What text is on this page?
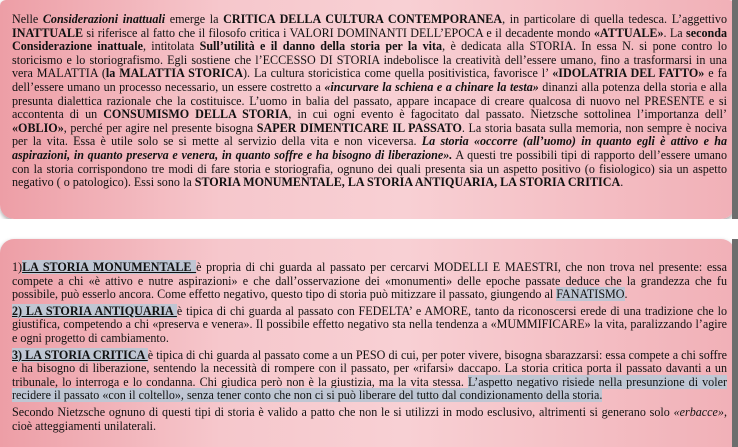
Nelle Considerazioni inattuali emerge la CRITICA DELLA CULTURA CONTEMPORANEA, in particolare di quella tedesca. L’aggettivo INATTUALE si riferisce al fatto che il filosofo critica i VALORI DOMINANTI DELL’EPOCA e il decadente mondo «ATTUALE». La seconda Considerazione inattuale, intitolata Sull’utilità e il danno della storia per la vita, è dedicata alla STORIA. In essa N. si pone contro lo storicismo e lo storiografismo. Egli sostiene che l’ECCESSO DI STORIA indebolisce la creatività dell’essere umano, fino a trasformarsi in una vera MALATTIA (la MALATTIA STORICA). La cultura storicistica come quella positivistica, favorisce l’ «IDOLATRIA DEL FATTO» e fa dell’essere umano un processo necessario, un essere costretto a «incurvare la schiena e a chinare la testa» dinanzi alla potenza della storia e alla presunta dialettica razionale che la costituisce. L’uomo in balia del passato, appare incapace di creare qualcosa di nuovo nel PRESENTE e si accontenta di un CONSUMISMO DELLA STORIA, in cui ogni evento è fagocitato dal passato. Nietzsche sottolinea l’importanza dell’ «OBLIO», perché per agire nel presente bisogna SAPER DIMENTICARE IL PASSATO. La storia basata sulla memoria, non sempre è nociva per la vita. Essa è utile solo se si mette al servizio della vita e non viceversa. La storia «occorre (all’uomo) in quanto egli è attivo e ha aspirazioni, in quanto preserva e venera, in quanto soffre e ha bisogno di liberazione». A questi tre possibili tipi di rapporto dell’essere umano con la storia corrispondono tre modi di fare storia e storiografia, ognuno dei quali presenta sia un aspetto positivo (o fisiologico) sia un aspetto negativo ( o patologico). Essi sono la STORIA MONUMENTALE, LA STORIA ANTIQUARIA, LA STORIA CRITICA.

1)LA STORIA MONUMENTALE è propria di chi guarda al passato per cercarvi MODELLI E MAESTRI, che non trova nel presente: essa compete a chi «è attivo e nutre aspirazioni» e che dall’osservazione dei «monumenti» delle epoche passate deduce che la grandezza che fu possibile, può esserlo ancora. Come effetto negativo, questo tipo di storia può mitizzare il passato, giungendo al FANATISMO.

2) LA STORIA ANTIQUARIA è tipica di chi guarda al passato con FEDELTA’ e AMORE, tanto da riconoscersi erede di una tradizione che lo giustifica, competendo a chi «preserva e venera». Il possibile effetto negativo sta nella tendenza a «MUMMIFICARE» la vita, paralizzando l’agire e ogni progetto di cambiamento.

3) LA STORIA CRITICA è tipica di chi guarda al passato come a un PESO di cui, per poter vivere, bisogna sbarazzarsi: essa compete a chi soffre e ha bisogno di liberazione, sentendo la necessità di rompere con il passato, per «rifarsi» daccapo. La storia critica porta il passato davanti a un tribunale, lo interroga e lo condanna. Chi giudica però non è la giustizia, ma la vita stessa. L’aspetto negativo risiede nella presunzione di voler recidere il passato «con il coltello», senza tener conto che non ci si può liberare del tutto dal condizionamento della storia.

Secondo Nietzsche ognuno di questi tipi di storia è valido a patto che non le si utilizzi in modo esclusivo, altrimenti si generano solo «erbacce», cioè atteggiamenti unilaterali.
